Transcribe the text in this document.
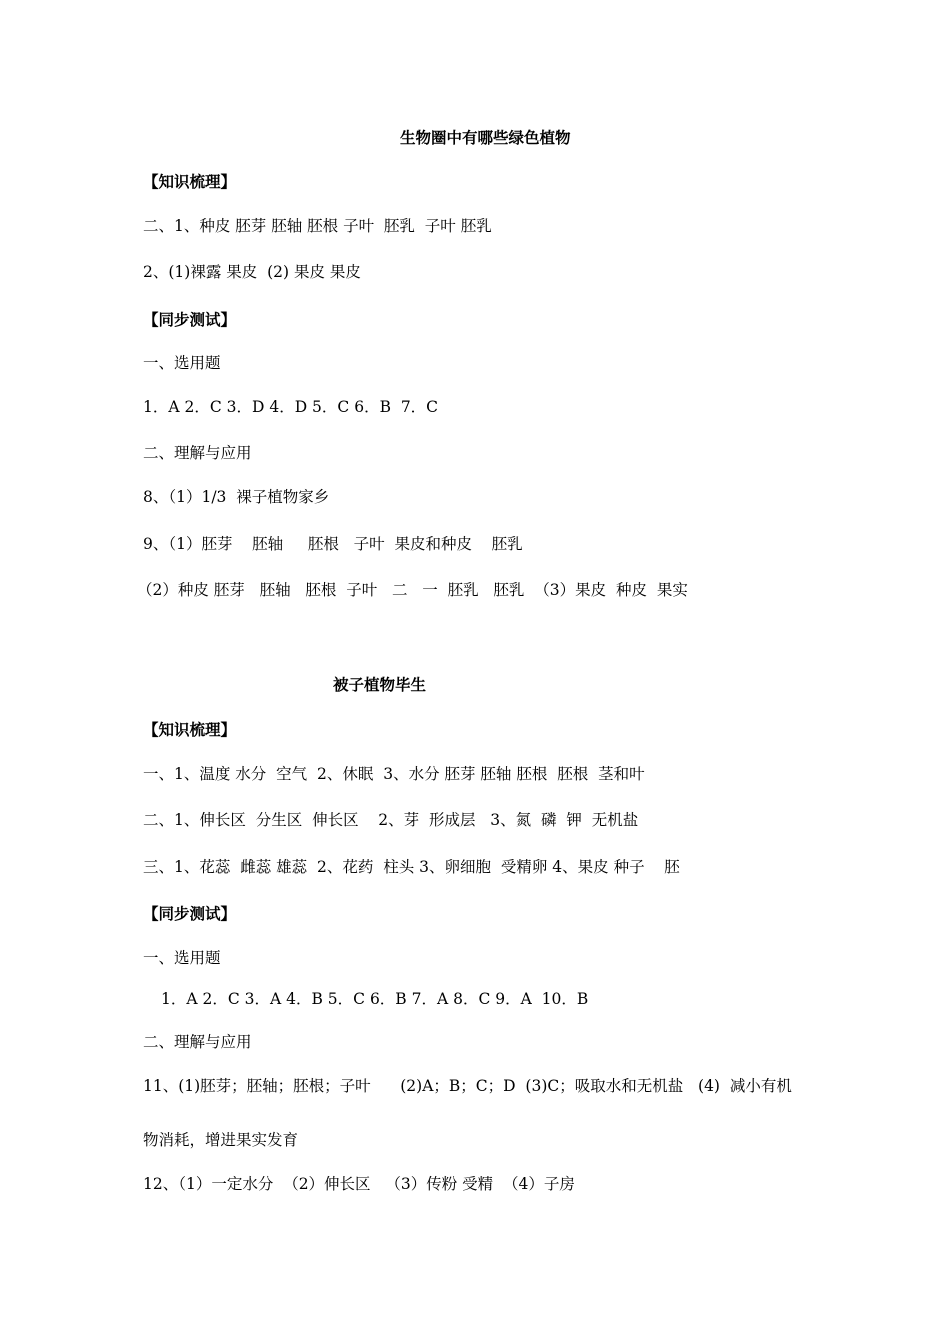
生物圈中有哪些绿色植物
【知识梳理】
二、1、种皮 胚芽 胚轴 胚根 子叶  胚乳  子叶 胚乳
2、(1)裸露 果皮  (2) 果皮 果皮
【同步测试】
一、选用题
1．A 2．C 3．D 4．D 5．C 6．B  7．C
二、理解与应用
8、（1）1/3  裸子植物家乡
9、（1）胚芽    胚轴     胚根   子叶  果皮和种皮    胚乳
（2）种皮 胚芽   胚轴   胚根  子叶   二   一  胚乳   胚乳  （3）果皮  种皮  果实
被子植物毕生
【知识梳理】
一、1、温度 水分  空气  2、休眠  3、水分 胚芽 胚轴 胚根  胚根  茎和叶
二、1、伸长区  分生区  伸长区    2、芽  形成层   3、氮  磷  钾  无机盐
三、1、花蕊  雌蕊 雄蕊  2、花药  柱头 3、卵细胞  受精卵 4、果皮 种子    胚
【同步测试】
一、选用题
1．A 2．C 3．A 4．B 5．C 6．B 7．A 8．C 9．A  10．B
二、理解与应用
11、(1)胚芽；胚轴；胚根；子叶      (2)A；B；C；D  (3)C；吸取水和无机盐   (4)  减小有机
物消耗，增进果实发育
12、（1）一定水分  （2）伸长区   （3）传粉 受精  （4）子房
